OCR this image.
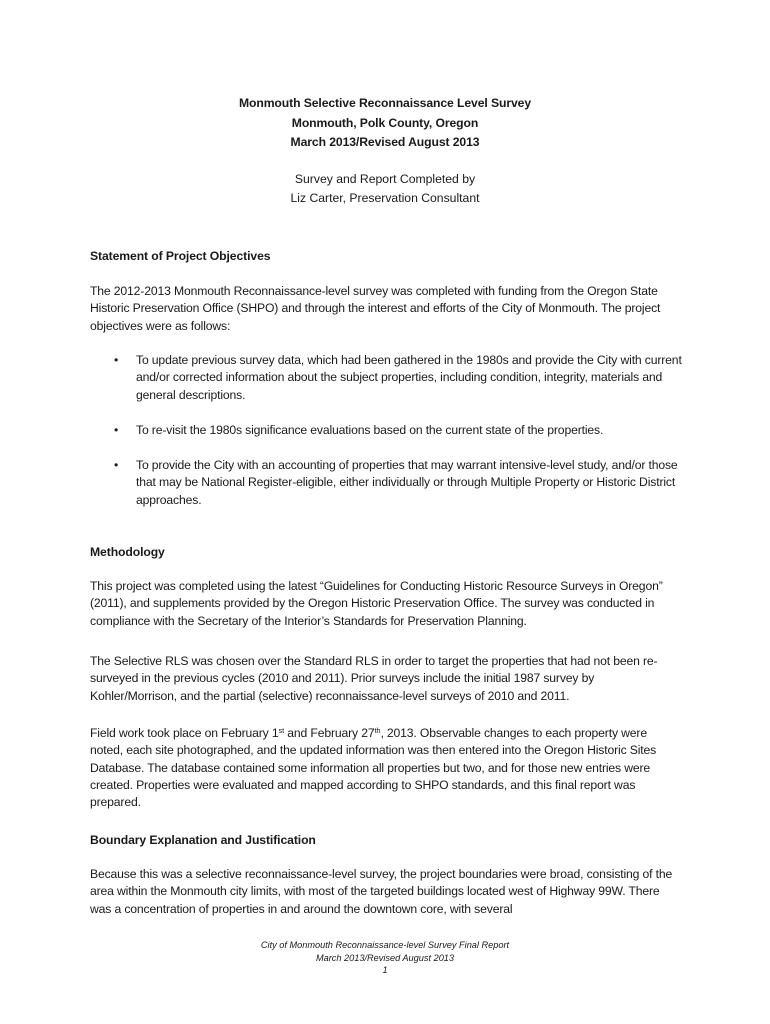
Monmouth Selective Reconnaissance Level Survey
Monmouth, Polk County, Oregon
March 2013/Revised August 2013
Survey and Report Completed by
Liz Carter, Preservation Consultant
Statement of Project Objectives

The 2012-2013 Monmouth Reconnaissance-level survey was completed with funding from the Oregon State Historic Preservation Office (SHPO) and through the interest and efforts of the City of Monmouth. The project objectives were as follows:

• To update previous survey data, which had been gathered in the 1980s and provide the City with current and/or corrected information about the subject properties, including condition, integrity, materials and general descriptions.
• To re-visit the 1980s significance evaluations based on the current state of the properties.
• To provide the City with an accounting of properties that may warrant intensive-level study, and/or those that may be National Register-eligible, either individually or through Multiple Property or Historic District approaches.
Methodology

This project was completed using the latest “Guidelines for Conducting Historic Resource Surveys in Oregon” (2011), and supplements provided by the Oregon Historic Preservation Office. The survey was conducted in compliance with the Secretary of the Interior’s Standards for Preservation Planning.

The Selective RLS was chosen over the Standard RLS in order to target the properties that had not been re-surveyed in the previous cycles (2010 and 2011). Prior surveys include the initial 1987 survey by Kohler/Morrison, and the partial (selective) reconnaissance-level surveys of 2010 and 2011.

Field work took place on February 1st and February 27th, 2013. Observable changes to each property were noted, each site photographed, and the updated information was then entered into the Oregon Historic Sites Database. The database contained some information all properties but two, and for those new entries were created. Properties were evaluated and mapped according to SHPO standards, and this final report was prepared.

Boundary Explanation and Justification

Because this was a selective reconnaissance-level survey, the project boundaries were broad, consisting of the area within the Monmouth city limits, with most of the targeted buildings located west of Highway 99W. There was a concentration of properties in and around the downtown core, with several

City of Monmouth Reconnaissance-level Survey Final Report
March 2013/Revised August 2013
1
